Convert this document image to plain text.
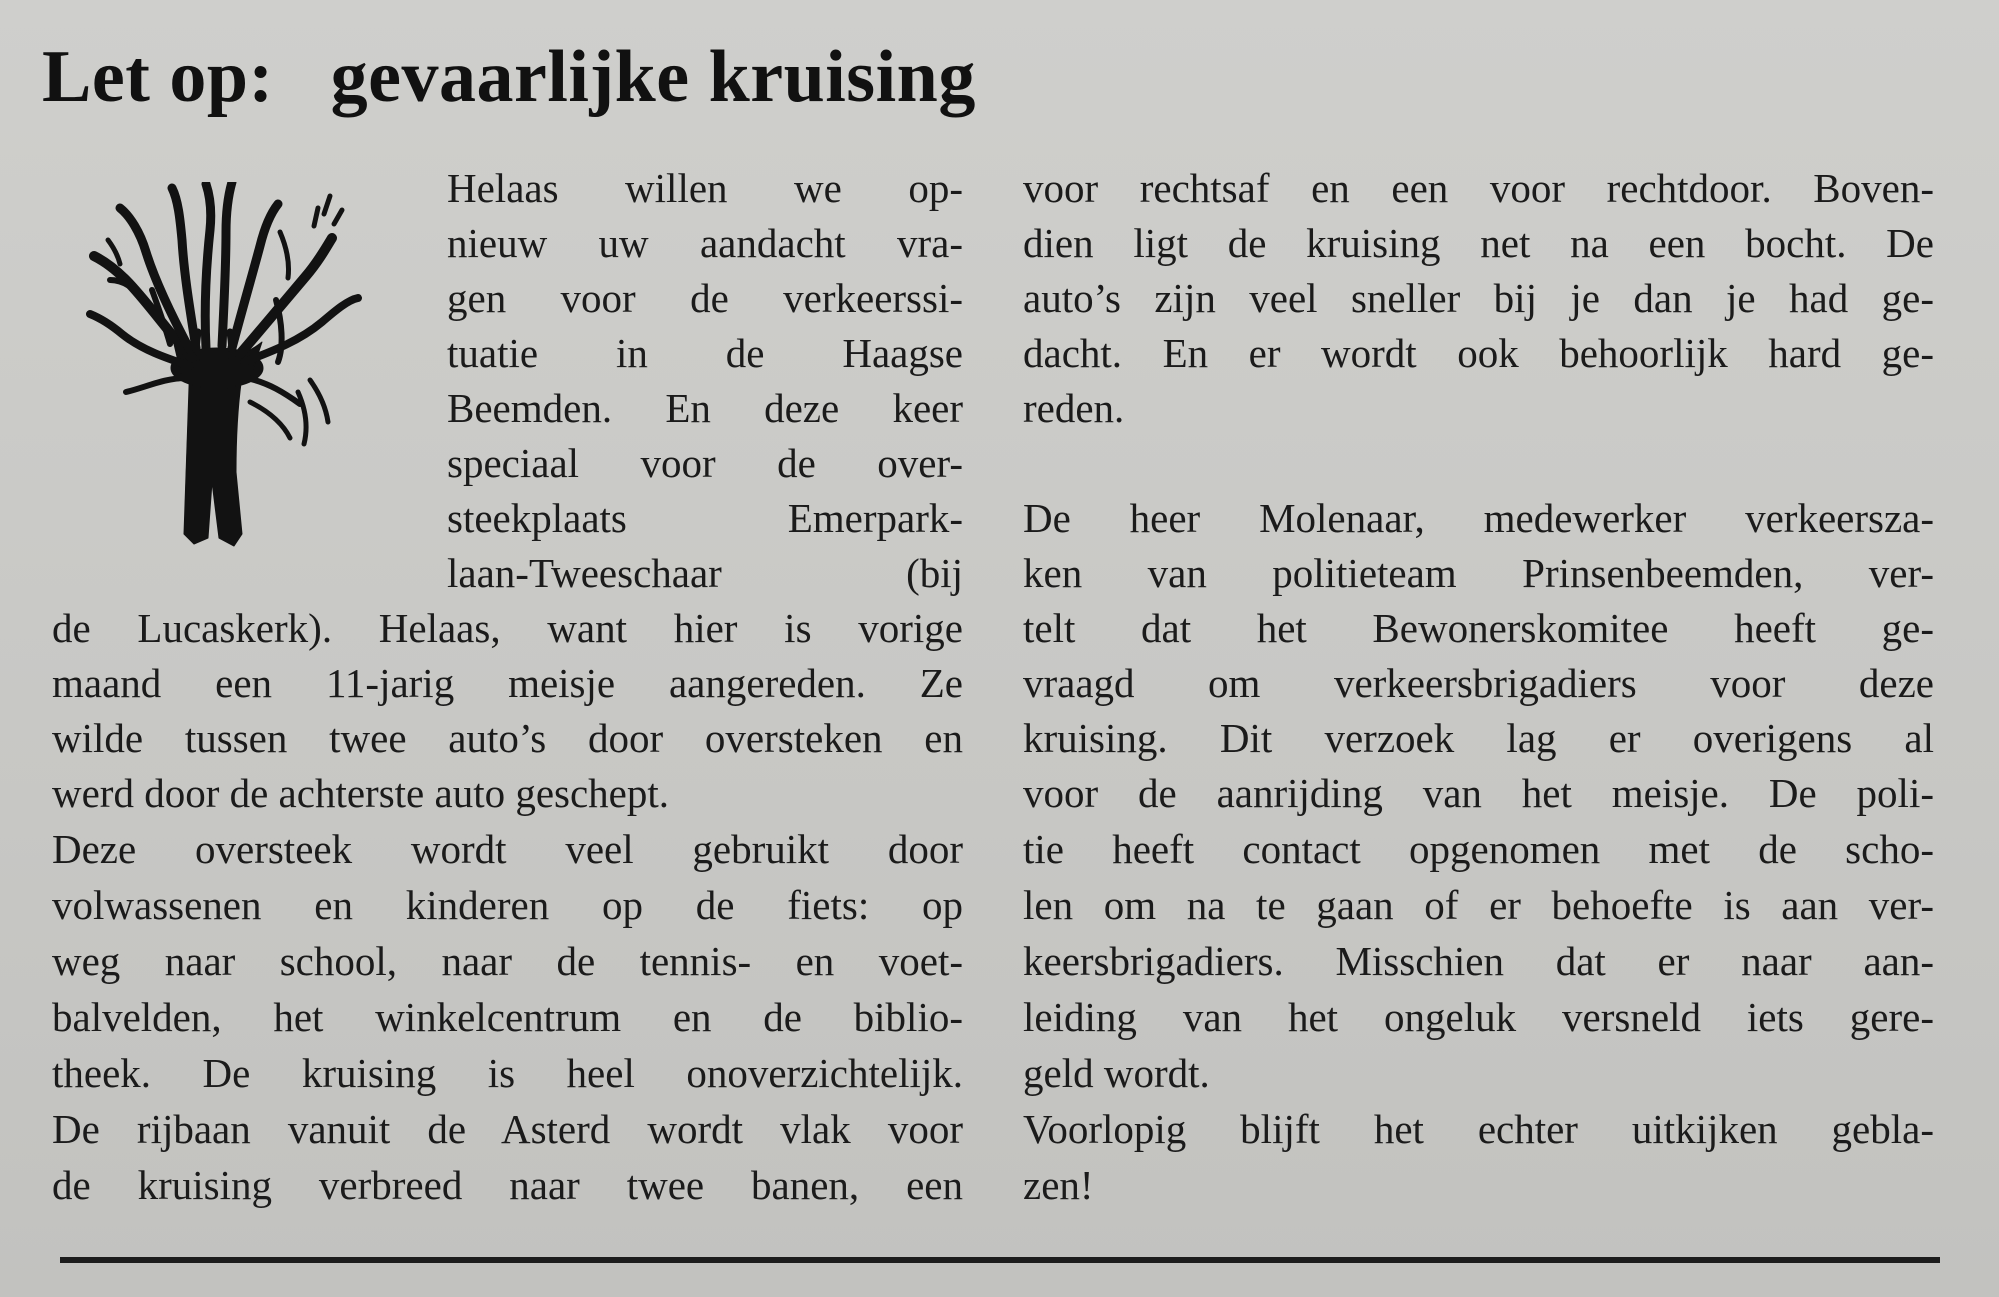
Let op:   gevaarlijke kruising
Helaas willen we op-
nieuw uw aandacht vra-
gen voor de verkeerssi-
tuatie in de Haagse
Beemden. En deze keer
speciaal voor de over-
steekplaats Emerpark-
laan-Tweeschaar (bij
de Lucaskerk). Helaas, want hier is vorige
maand een 11-jarig meisje aangereden. Ze
wilde tussen twee auto’s door oversteken en
werd door de achterste auto geschept.
Deze oversteek wordt veel gebruikt door
volwassenen en kinderen op de fiets: op
weg naar school, naar de tennis- en voet-
balvelden, het winkelcentrum en de biblio-
theek. De kruising is heel onoverzichtelijk.
De rijbaan vanuit de Asterd wordt vlak voor
de kruising verbreed naar twee banen, een
voor rechtsaf en een voor rechtdoor. Boven-
dien ligt de kruising net na een bocht. De
auto’s zijn veel sneller bij je dan je had ge-
dacht. En er wordt ook behoorlijk hard ge-
reden.
De heer Molenaar, medewerker verkeersza-
ken van politieteam Prinsenbeemden, ver-
telt dat het Bewonerskomitee heeft ge-
vraagd om verkeersbrigadiers voor deze
kruising. Dit verzoek lag er overigens al
voor de aanrijding van het meisje. De poli-
tie heeft contact opgenomen met de scho-
len om na te gaan of er behoefte is aan ver-
keersbrigadiers. Misschien dat er naar aan-
leiding van het ongeluk versneld iets gere-
geld wordt.
Voorlopig blijft het echter uitkijken gebla-
zen!
